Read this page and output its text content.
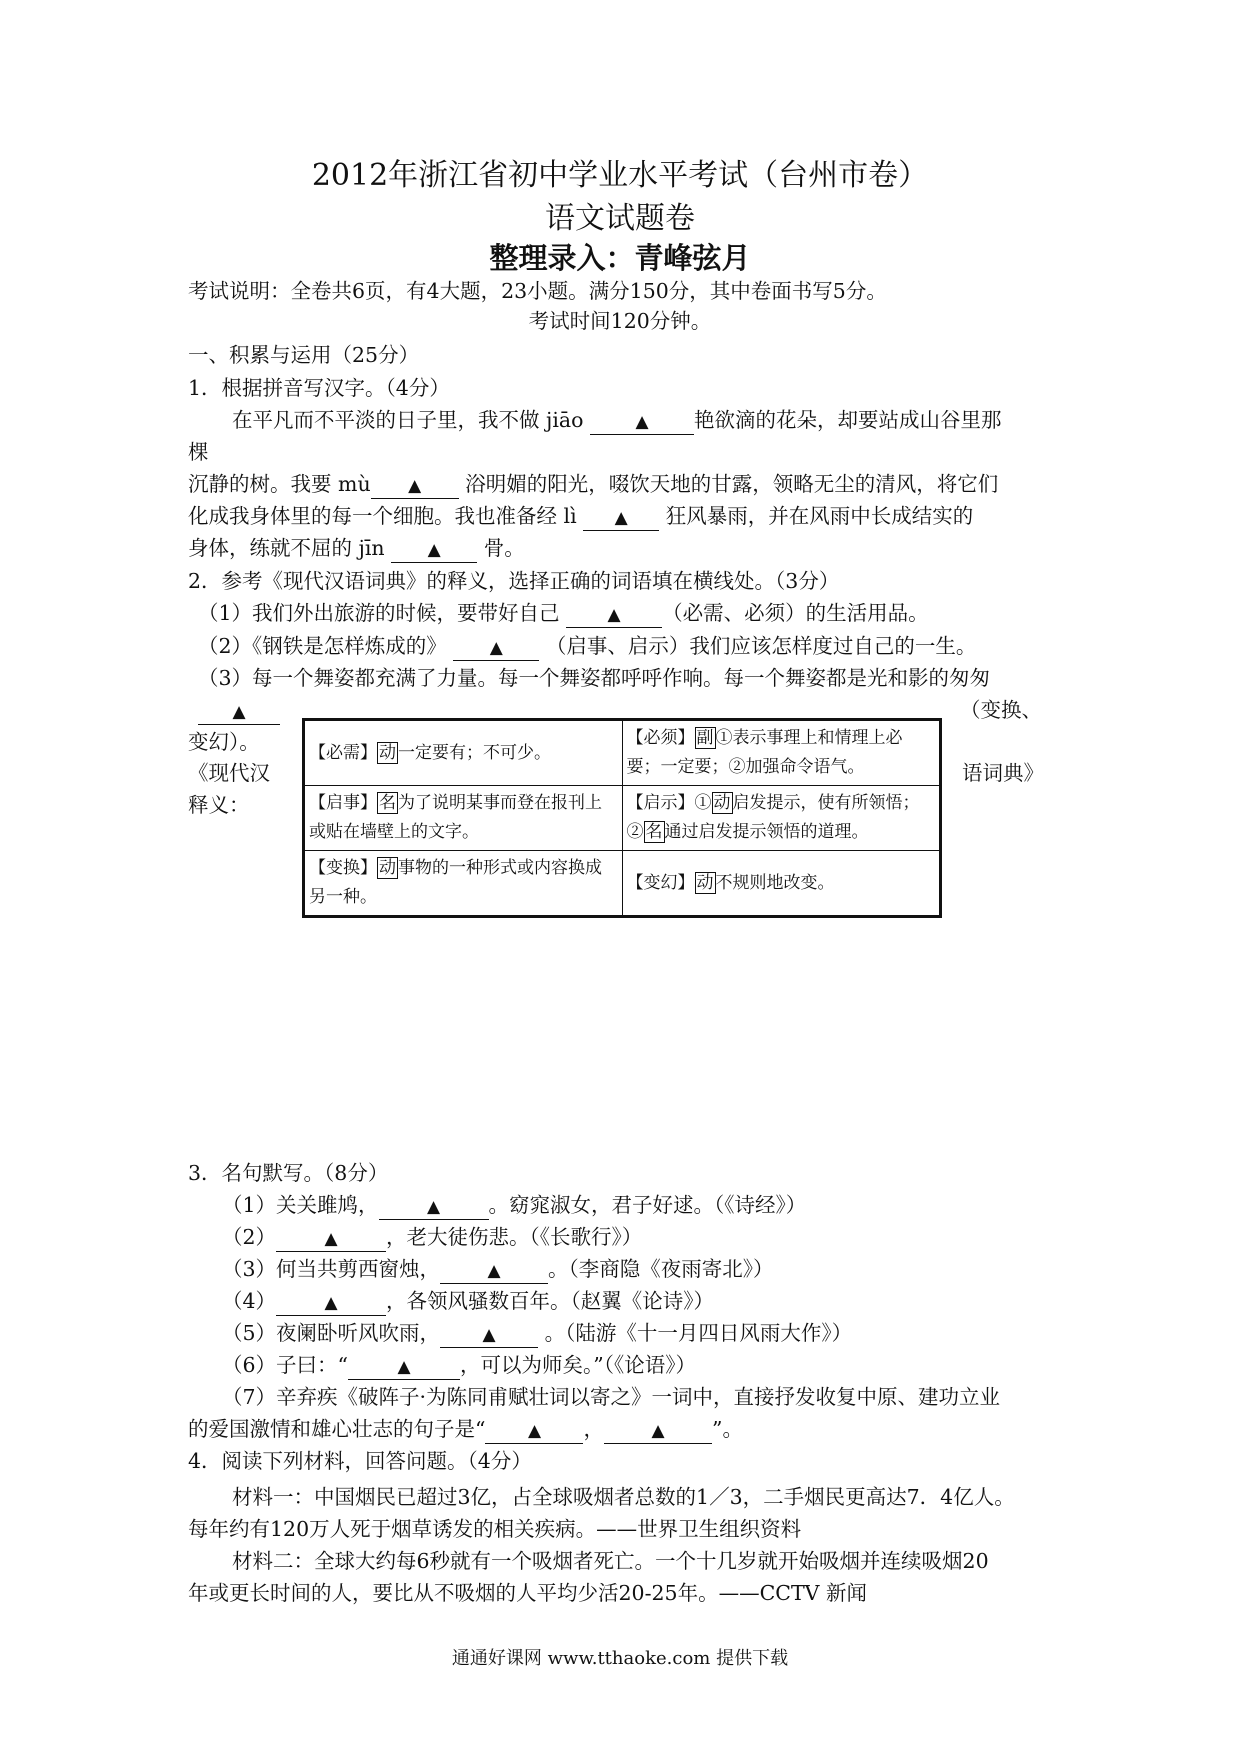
2012年浙江省初中学业水平考试（台州市卷）
语文试题卷
整理录入：青峰弦月
考试说明：全卷共6页，有4大题，23小题。满分150分，其中卷面书写5分。
考试时间120分钟。
一、积累与运用（25分）
1．根据拼音写汉字。（4分）
在平凡而不平淡的日子里，我不做 jiāo	▲ 艳欲滴的花朵，却要站成山谷里那
棵
沉静的树。我要 mù ▲ 浴明媚的阳光，啜饮天地的甘露，领略无尘的清风，将它们
化成我身体里的每一个细胞。我也准备经 lì ▲ 狂风暴雨，并在风雨中长成结实的
身体，练就不屈的 jīn	▲ 骨。
2．参考《现代汉语词典》的释义，选择正确的词语填在横线处。（3分）
（1）我们外出旅游的时候，要带好自己	▲ （必需、必须）的生活用品。
（2）《钢铁是怎样炼成的》	▲ （启事、启示）我们应该怎样度过自己的一生。
（3）每一个舞姿都充满了力量。每一个舞姿都呼呼作响。每一个舞姿都是光和影的匆匆
▲	（变换、
变幻）。
《现代汉	语词典》
释义：
【必需】 动 一定要有；不可少。	【必须】 副 ①表示事理上和情理上必要；一定要；②加强命令语气。
【启事】 名 为了说明某事而登在报刊上或贴在墙壁上的文字。	【启示】① 动 启发提示，使有所领悟；② 名 通过启发提示领悟的道理。
【变换】 动 事物的一种形式或内容换成另一种。	【变幻】 动 不规则地改变。
3．名句默写。（8分）
（1）关关雎鸠，	▲ 。窈窕淑女，君子好逑。（《诗经》）
（2）	▲ ，老大徒伤悲。（《长歌行》）
（3）何当共剪西窗烛，	▲ 。（李商隐《夜雨寄北》）
（4）	▲ ，各领风骚数百年。（赵翼《论诗》）
（5）夜阑卧听风吹雨， ▲ 。（陆游《十一月四日风雨大作》）
（6）子曰：“	▲ ，可以为师矣。”（《论语》）
（7）辛弃疾《破阵子·为陈同甫赋壮词以寄之》一词中，直接抒发收复中原、建功立业
的爱国激情和雄心壮志的句子是“ ▲ ，	▲ ”。
4．阅读下列材料，回答问题。（4分）
材料一：中国烟民已超过3亿，占全球吸烟者总数的1／3，二手烟民更高达7．4亿人。
每年约有120万人死于烟草诱发的相关疾病。——世界卫生组织资料
材料二：全球大约每6秒就有一个吸烟者死亡。一个十几岁就开始吸烟并连续吸烟20
年或更长时间的人，要比从不吸烟的人平均少活20-25年。——CCTV 新闻
通通好课网 www.tthaoke.com 提供下载
